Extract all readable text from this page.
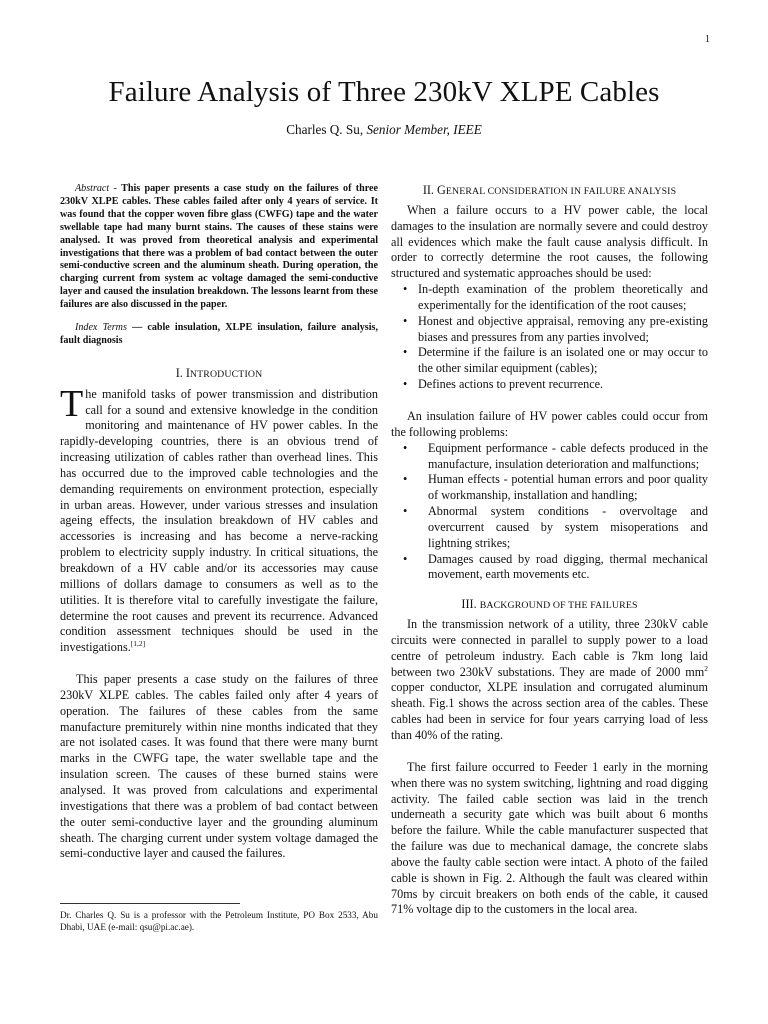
1
Failure Analysis of Three 230kV XLPE Cables
Charles Q. Su, Senior Member, IEEE

Abstract - This paper presents a case study on the failures of three 230kV XLPE cables. These cables failed after only 4 years of service. It was found that the copper woven fibre glass (CWFG) tape and the water swellable tape had many burnt stains. The causes of these stains were analysed. It was proved from theoretical analysis and experimental investigations that there was a problem of bad contact between the outer semi-conductive screen and the aluminum sheath. During operation, the charging current from system ac voltage damaged the semi-conductive layer and caused the insulation breakdown. The lessons learnt from these failures are also discussed in the paper.

Index Terms — cable insulation, XLPE insulation, failure analysis, fault diagnosis

I. INTRODUCTION

The manifold tasks of power transmission and distribution call for a sound and extensive knowledge in the condition monitoring and maintenance of HV power cables. In the rapidly-developing countries, there is an obvious trend of increasing utilization of cables rather than overhead lines. This has occurred due to the improved cable technologies and the demanding requirements on environment protection, especially in urban areas. However, under various stresses and insulation ageing effects, the insulation breakdown of HV cables and accessories is increasing and has become a nerve-racking problem to electricity supply industry. In critical situations, the breakdown of a HV cable and/or its accessories may cause millions of dollars damage to consumers as well as to the utilities. It is therefore vital to carefully investigate the failure, determine the root causes and prevent its recurrence. Advanced condition assessment techniques should be used in the investigations.[1,2]

This paper presents a case study on the failures of three 230kV XLPE cables. The cables failed only after 4 years of operation. The failures of these cables from the same manufacture premiturely within nine months indicated that they are not isolated cases. It was found that there were many burnt marks in the CWFG tape, the water swellable tape and the insulation screen. The causes of these burned stains were analysed. It was proved from calculations and experimental investigations that there was a problem of bad contact between the outer semi-conductive layer and the grounding aluminum sheath. The charging current under system voltage damaged the semi-conductive layer and caused the failures.

Dr. Charles Q. Su is a professor with the Petroleum Institute, PO Box 2533, Abu Dhabi, UAE (e-mail: qsu@pi.ac.ae).

II. GENERAL CONSIDERATION IN FAILURE ANALYSIS

When a failure occurs to a HV power cable, the local damages to the insulation are normally severe and could destroy all evidences which make the fault cause analysis difficult. In order to correctly determine the root causes, the following structured and systematic approaches should be used:

• In-depth examination of the problem theoretically and experimentally for the identification of the root causes;
• Honest and objective appraisal, removing any pre-existing biases and pressures from any parties involved;
• Determine if the failure is an isolated one or may occur to the other similar equipment (cables);
• Defines actions to prevent recurrence.

An insulation failure of HV power cables could occur from the following problems:

• Equipment performance - cable defects produced in the manufacture, insulation deterioration and malfunctions;
• Human effects - potential human errors and poor quality of workmanship, installation and handling;
• Abnormal system conditions - overvoltage and overcurrent caused by system misoperations and lightning strikes;
• Damages caused by road digging, thermal mechanical movement, earth movements etc.
III. BACKGROUND OF THE FAILURES

In the transmission network of a utility, three 230kV cable circuits were connected in parallel to supply power to a load centre of petroleum industry. Each cable is 7km long laid between two 230kV substations. They are made of 2000 $mm^2$ copper conductor, XLPE insulation and corrugated aluminum sheath. Fig.1 shows the across section area of the cables. These cables had been in service for four years carrying load of less than 40% of the rating.

The first failure occurred to Feeder 1 early in the morning when there was no system switching, lightning and road digging activity. The failed cable section was laid in the trench underneath a security gate which was built about 6 months before the failure. While the cable manufacturer suspected that the failure was due to mechanical damage, the concrete slabs above the faulty cable section were intact. A photo of the failed cable is shown in Fig. 2. Although the fault was cleared within 70ms by circuit breakers on both ends of the cable, it caused 71% voltage dip to the customers in the local area.
